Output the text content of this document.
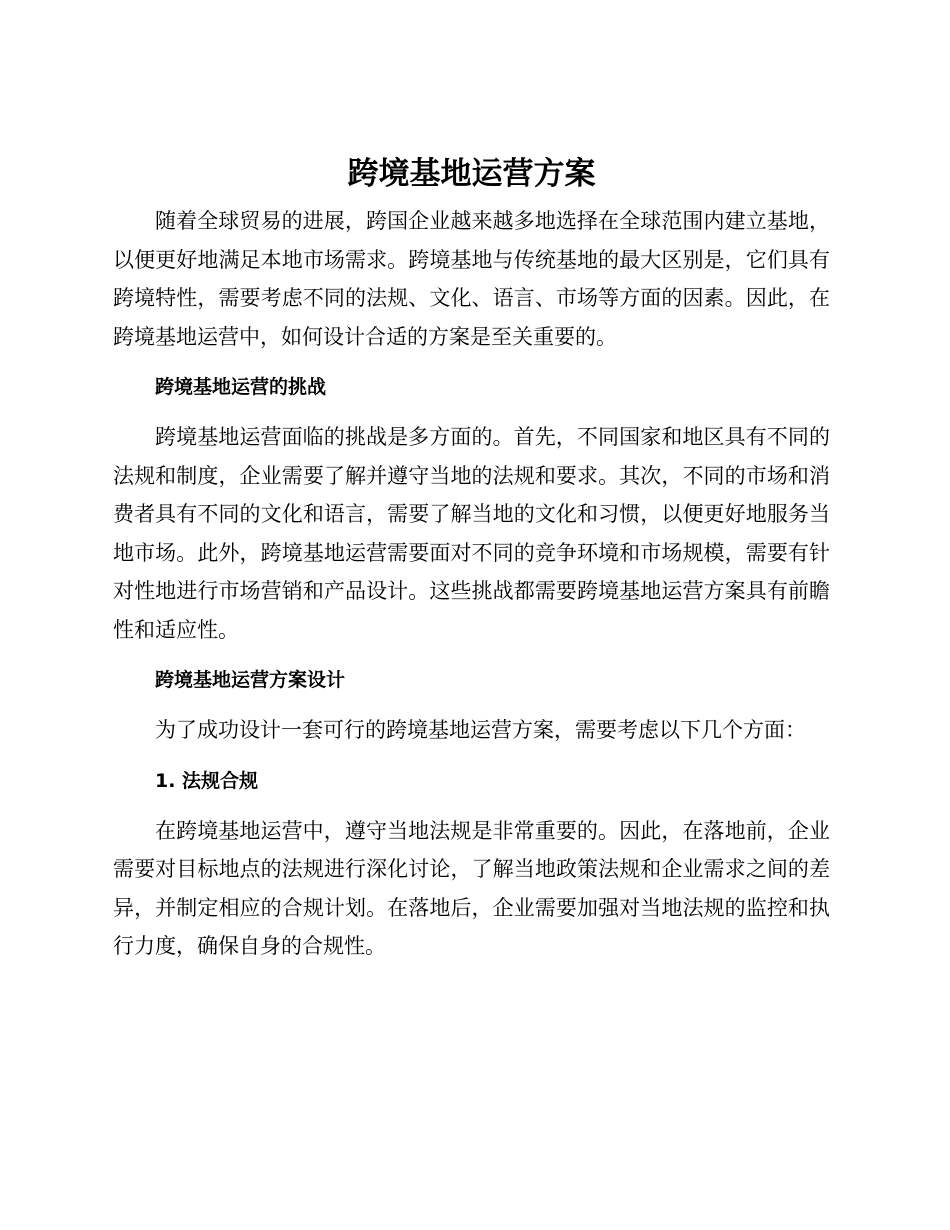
跨境基地运营方案

随着全球贸易的进展，跨国企业越来越多地选择在全球范围内建立基地，以便更好地满足本地市场需求。跨境基地与传统基地的最大区别是，它们具有跨境特性，需要考虑不同的法规、文化、语言、市场等方面的因素。因此，在跨境基地运营中，如何设计合适的方案是至关重要的。

跨境基地运营的挑战

跨境基地运营面临的挑战是多方面的。首先，不同国家和地区具有不同的法规和制度，企业需要了解并遵守当地的法规和要求。其次，不同的市场和消费者具有不同的文化和语言，需要了解当地的文化和习惯，以便更好地服务当地市场。此外，跨境基地运营需要面对不同的竞争环境和市场规模，需要有针对性地进行市场营销和产品设计。这些挑战都需要跨境基地运营方案具有前瞻性和适应性。

跨境基地运营方案设计

为了成功设计一套可行的跨境基地运营方案，需要考虑以下几个方面：

1. 法规合规

在跨境基地运营中，遵守当地法规是非常重要的。因此，在落地前，企业需要对目标地点的法规进行深化讨论，了解当地政策法规和企业需求之间的差异，并制定相应的合规计划。在落地后，企业需要加强对当地法规的监控和执行力度，确保自身的合规性。
